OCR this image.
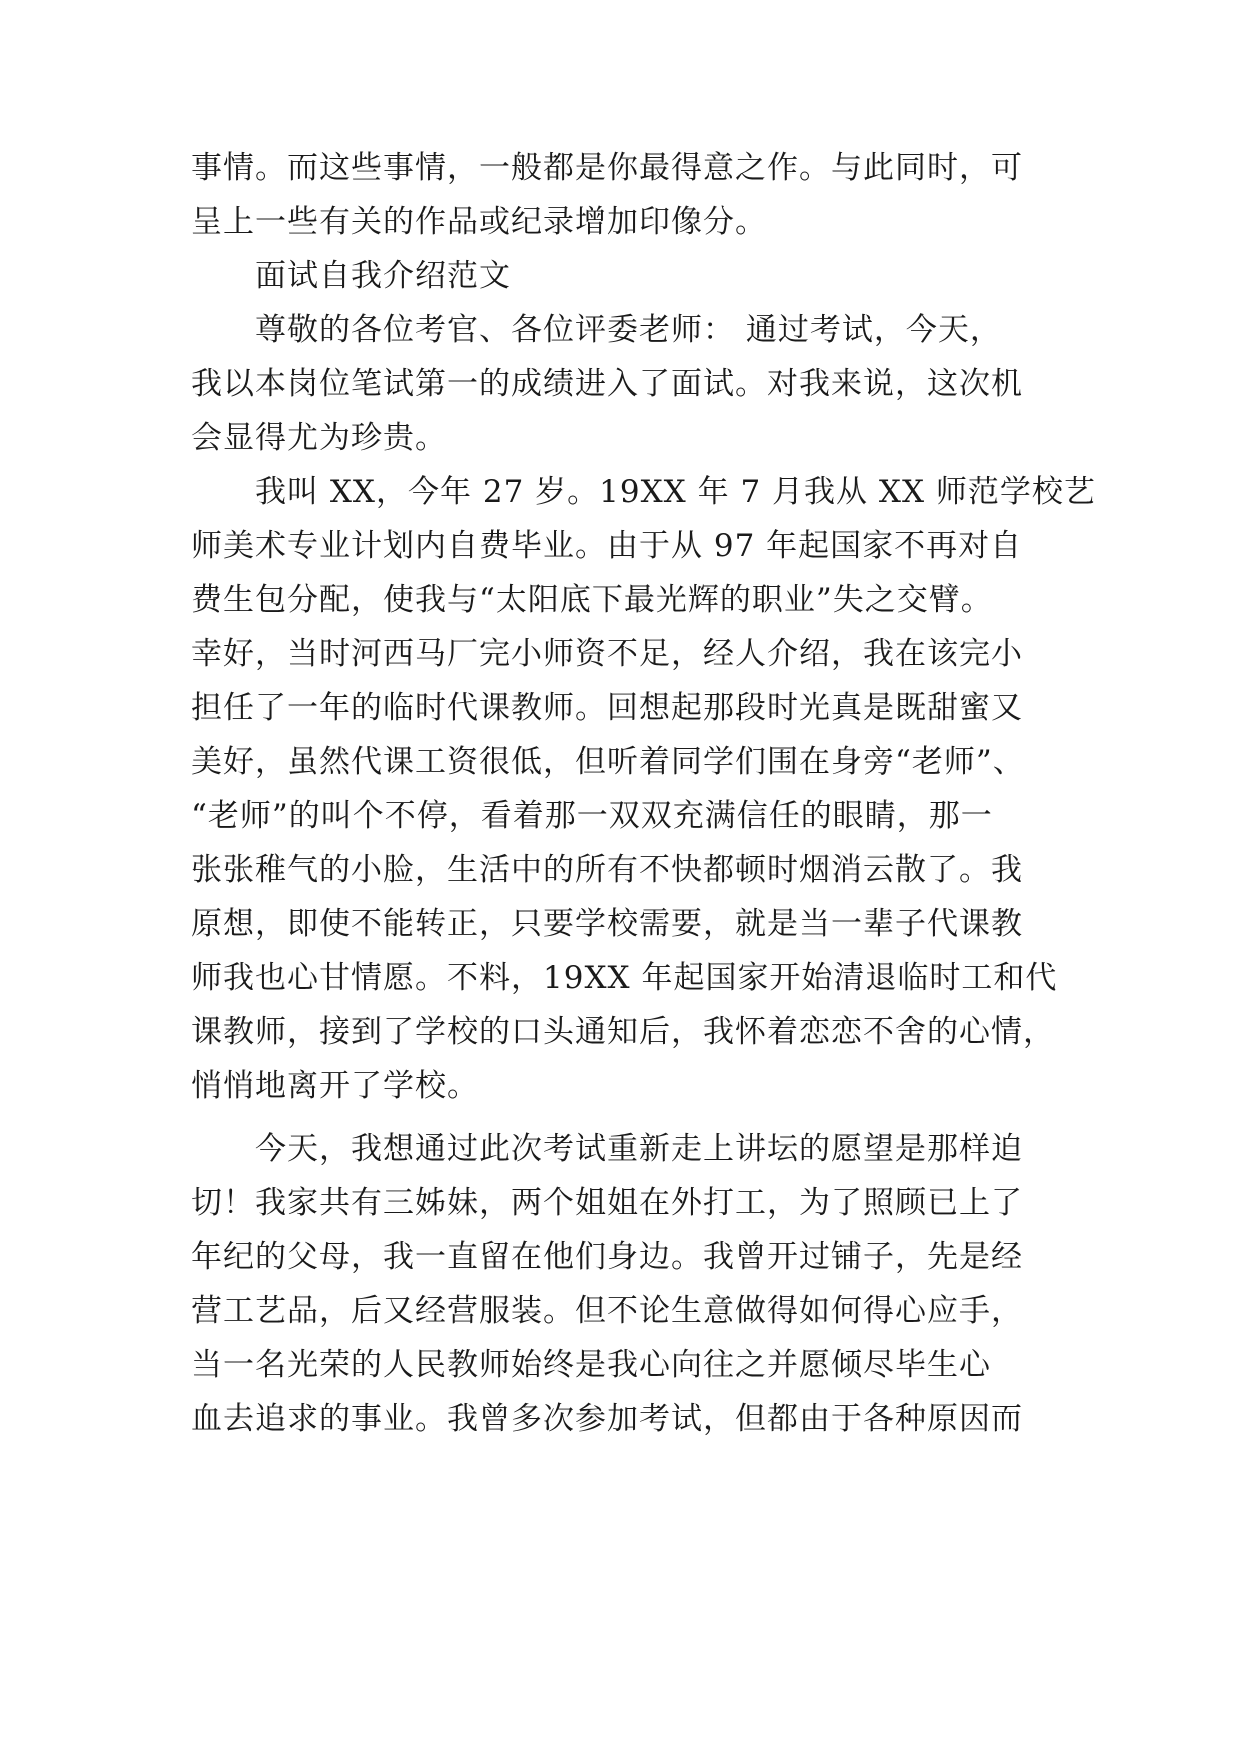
事情。而这些事情，一般都是你最得意之作。与此同时，可
呈上一些有关的作品或纪录增加印像分。
面试自我介绍范文
尊敬的各位考官、各位评委老师： 通过考试，今天，
我以本岗位笔试第一的成绩进入了面试。对我来说，这次机
会显得尤为珍贵。
我叫 XX，今年 27 岁。19XX 年 7 月我从 XX 师范学校艺
师美术专业计划内自费毕业。由于从 97 年起国家不再对自
费生包分配，使我与“太阳底下最光辉的职业”失之交臂。
幸好，当时河西马厂完小师资不足，经人介绍，我在该完小
担任了一年的临时代课教师。回想起那段时光真是既甜蜜又
美好，虽然代课工资很低，但听着同学们围在身旁“老师”、
“老师”的叫个不停，看着那一双双充满信任的眼睛，那一
张张稚气的小脸，生活中的所有不快都顿时烟消云散了。我
原想，即使不能转正，只要学校需要，就是当一辈子代课教
师我也心甘情愿。不料，19XX 年起国家开始清退临时工和代
课教师，接到了学校的口头通知后，我怀着恋恋不舍的心情，
悄悄地离开了学校。
今天，我想通过此次考试重新走上讲坛的愿望是那样迫
切！我家共有三姊妹，两个姐姐在外打工，为了照顾已上了
年纪的父母，我一直留在他们身边。我曾开过铺子，先是经
营工艺品，后又经营服装。但不论生意做得如何得心应手，
当一名光荣的人民教师始终是我心向往之并愿倾尽毕生心
血去追求的事业。我曾多次参加考试，但都由于各种原因而
